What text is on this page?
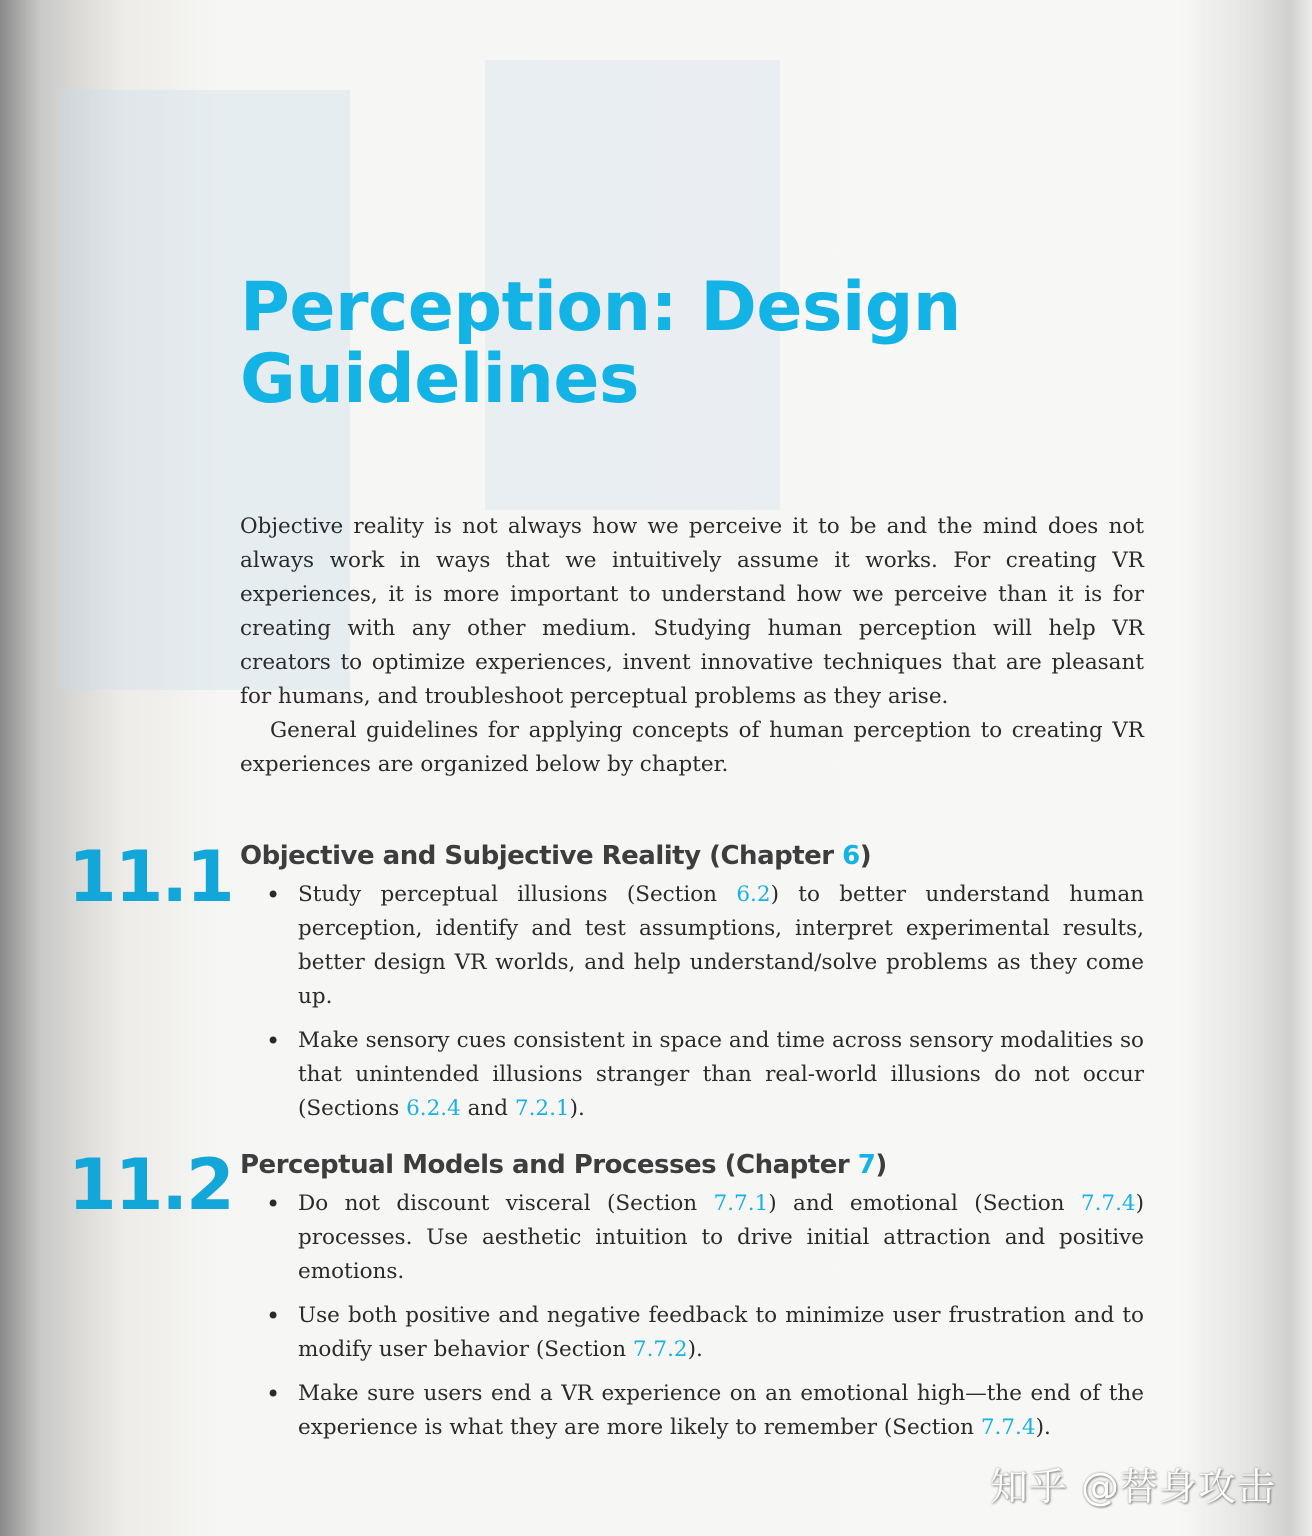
Perception: Design
Guidelines

Objective reality is not always how we perceive it to be and the mind does not always work in ways that we intuitively assume it works. For creating VR experiences, it is more important to understand how we perceive than it is for creating with any other medium. Studying human perception will help VR creators to optimize experiences, invent innovative techniques that are pleasant for humans, and troubleshoot perceptual problems as they arise.

General guidelines for applying concepts of human perception to creating VR experiences are organized below by chapter.

11.1 Objective and Subjective Reality (Chapter 6)
• Study perceptual illusions (Section 6.2) to better understand human perception, identify and test assumptions, interpret experimental results, better design VR worlds, and help understand/solve problems as they come up.
• Make sensory cues consistent in space and time across sensory modalities so that unintended illusions stranger than real-world illusions do not occur (Sections 6.2.4 and 7.2.1).
11.2 Perceptual Models and Processes (Chapter 7)
• Do not discount visceral (Section 7.7.1) and emotional (Section 7.7.4) processes. Use aesthetic intuition to drive initial attraction and positive emotions.
• Use both positive and negative feedback to minimize user frustration and to modify user behavior (Section 7.7.2).
• Make sure users end a VR experience on an emotional high—the end of the experience is what they are more likely to remember (Section 7.7.4).
知乎 @替身攻击
